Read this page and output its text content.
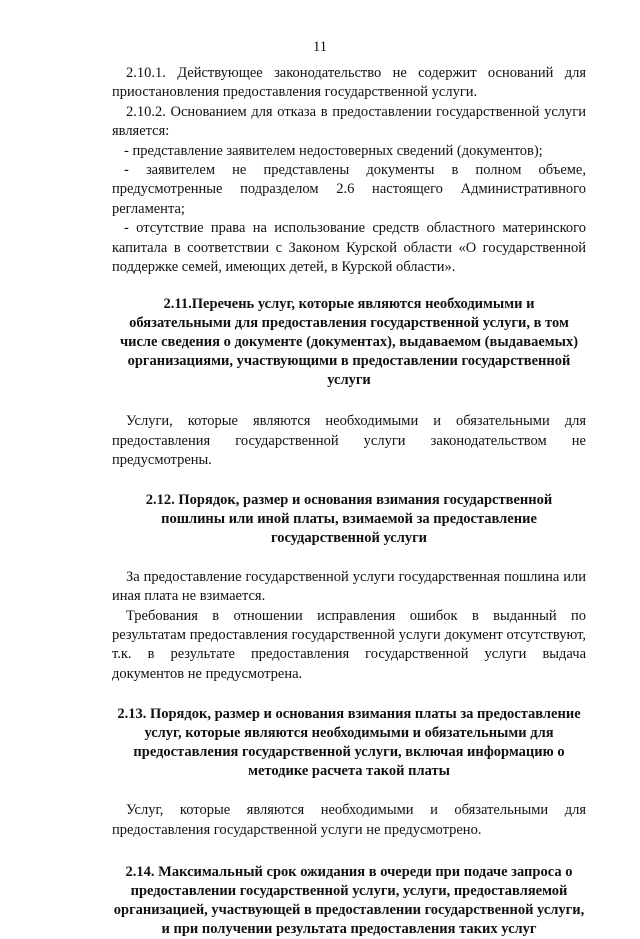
11

2.10.1. Действующее законодательство не содержит оснований для приостановления предоставления государственной услуги.

2.10.2. Основанием для отказа в предоставлении государственной услуги является:

- представление заявителем недостоверных сведений (документов);

- заявителем не представлены документы в полном объеме, предусмотренные подразделом 2.6 настоящего Административного регламента;

- отсутствие права на использование средств областного материнского капитала в соответствии с Законом Курской области «О государственной поддержке семей, имеющих детей, в Курской области».

2.11.Перечень услуг, которые являются необходимыми и обязательными для предоставления государственной услуги, в том числе сведения о документе (документах), выдаваемом (выдаваемых) организациями, участвующими в предоставлении государственной услуги

Услуги, которые являются необходимыми и обязательными для предоставления государственной услуги законодательством не предусмотрены.

2.12. Порядок, размер и основания взимания государственной пошлины или иной платы, взимаемой за предоставление государственной услуги

За предоставление государственной услуги государственная пошлина или иная плата не взимается.

Требования в отношении исправления ошибок в выданный по результатам предоставления государственной услуги документ отсутствуют, т.к. в результате предоставления государственной услуги выдача документов не предусмотрена.

2.13. Порядок, размер и основания взимания платы за предоставление услуг, которые являются необходимыми и обязательными для предоставления государственной услуги, включая информацию о методике расчета такой платы

Услуг, которые являются необходимыми и обязательными для предоставления государственной услуги не предусмотрено.

2.14. Максимальный срок ожидания в очереди при подаче запроса о предоставлении государственной услуги, услуги, предоставляемой организацией, участвующей в предоставлении государственной услуги, и при получении результата предоставления таких услуг
